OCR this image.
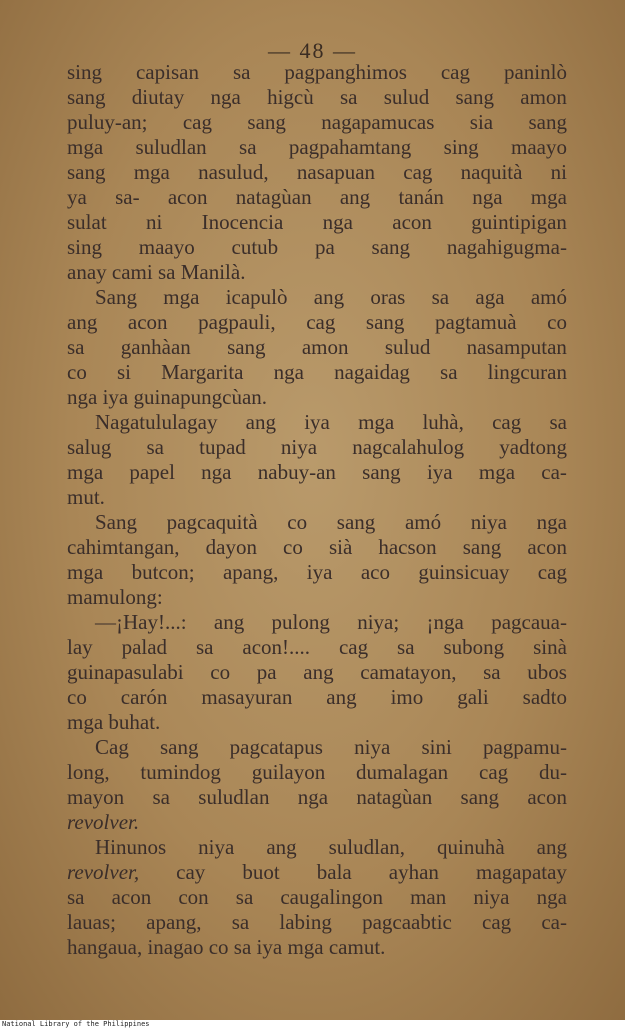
— 48 —
sing capisan sa pagpanghimos cag paninlò
sang diutay nga higcù sa sulud sang amon
puluy-an; cag sang nagapamucas sia sang
mga suludlan sa pagpahamtang sing maayo
sang mga nasulud, nasapuan cag naquità ni
ya sa- acon natagùan ang tanán nga mga
sulat ni Inocencia nga acon guintipigan
sing maayo cutub pa sang nagahigugma-
anay cami sa Manilà.
Sang mga icapulò ang oras sa aga amó
ang acon pagpauli, cag sang pagtamuà co
sa ganhàan sang amon sulud nasamputan
co si Margarita nga nagaidag sa lingcuran
nga iya guinapungcùan.
Nagatululagay ang iya mga luhà, cag sa
salug sa tupad niya nagcalahulog yadtong
mga papel nga nabuy-an sang iya mga ca-
mut.
Sang pagcaquità co sang amó niya nga
cahimtangan, dayon co sià hacson sang acon
mga butcon; apang, iya aco guinsicuay cag
mamulong:
—¡Hay!...: ang pulong niya; ¡nga pagcaua-
lay palad sa acon!.... cag sa subong sinà
guinapasulabi co pa ang camatayon, sa ubos
co carón masayuran ang imo gali sadto
mga buhat.
Cag sang pagcatapus niya sini pagpamu-
long, tumindog guilayon dumalagan cag du-
mayon sa suludlan nga natagùan sang acon
revolver.
Hinunos niya ang suludlan, quinuhà ang
revolver, cay buot bala ayhan magapatay
sa acon con sa caugalingon man niya nga
lauas; apang, sa labing pagcaabtic cag ca-
hangaua, inagao co sa iya mga camut.
National Library of the Philippines
